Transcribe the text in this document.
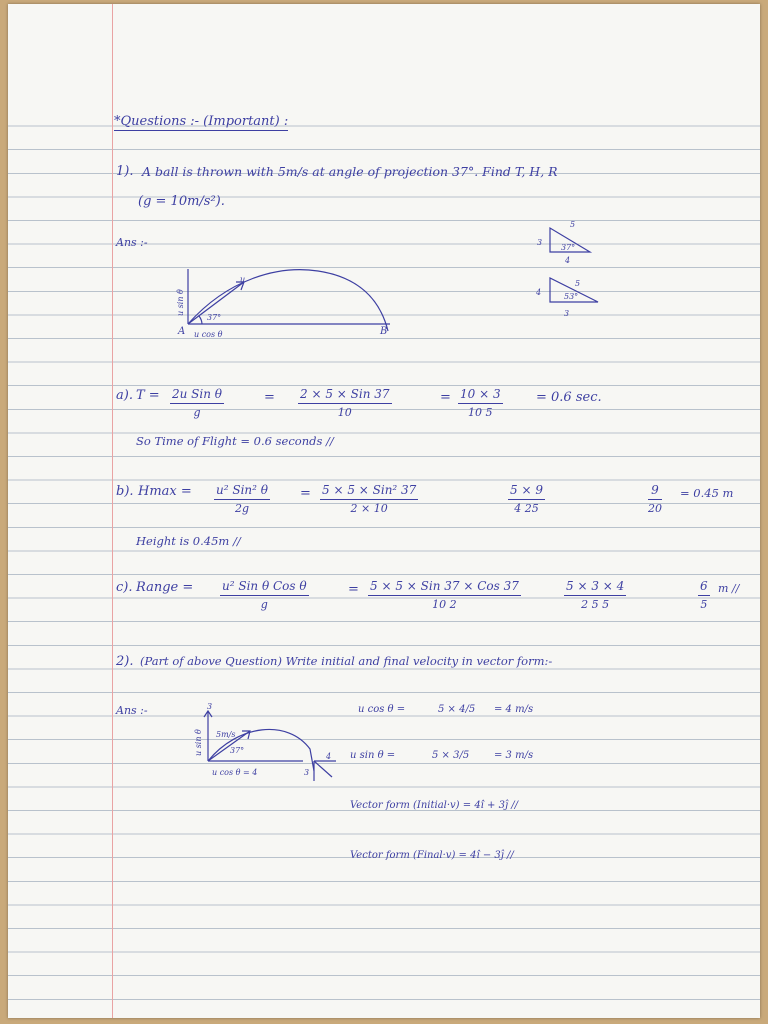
*Questions :- (Important) :
1). A ball is thrown with 5m/s at angle of projection 37°. Find T, H, R
(g = 10m/s²).
Ans :-
u sin θ
37°
A u cos θ	B
u
5
3
37°
4
5
4	53°
3
a). T = 2u Sin θ
g
= 2 × 5 × Sin 37
10
= $\frac{10 \times 3}{10 5}$	= 0.6 sec.
So Time of Flight = 0.6 seconds //
b). Hmax = u² Sin² θ
2g
= 5 × 5 × Sin² 37
2 × 10	$\frac{5 \times 9}{4 25}$	$\frac{9}{20} = 0.45$ m
Height is 0.45m //
c). Range = u² Sin θ Cos θ
g
= 5 × 5 × Sin 37 × Cos 37
10 2	$\frac{5 \times 3 \times 4}{2 5 5}$	$\frac{6}{5}$ m //
2). (Part of above Question) Write initial and final velocity in vector form:-
Ans :-	3
u sin θ 5m/s
37°
u cos θ = 4	3
4
u cos θ =	5 × 4/5 = 4 m/s
u sin θ =	5 × 3/5 = 3 m/s
Vector form (Initial·v) = 4î + 3ĵ //
Vector form (Final·v) = 4î − 3ĵ //
